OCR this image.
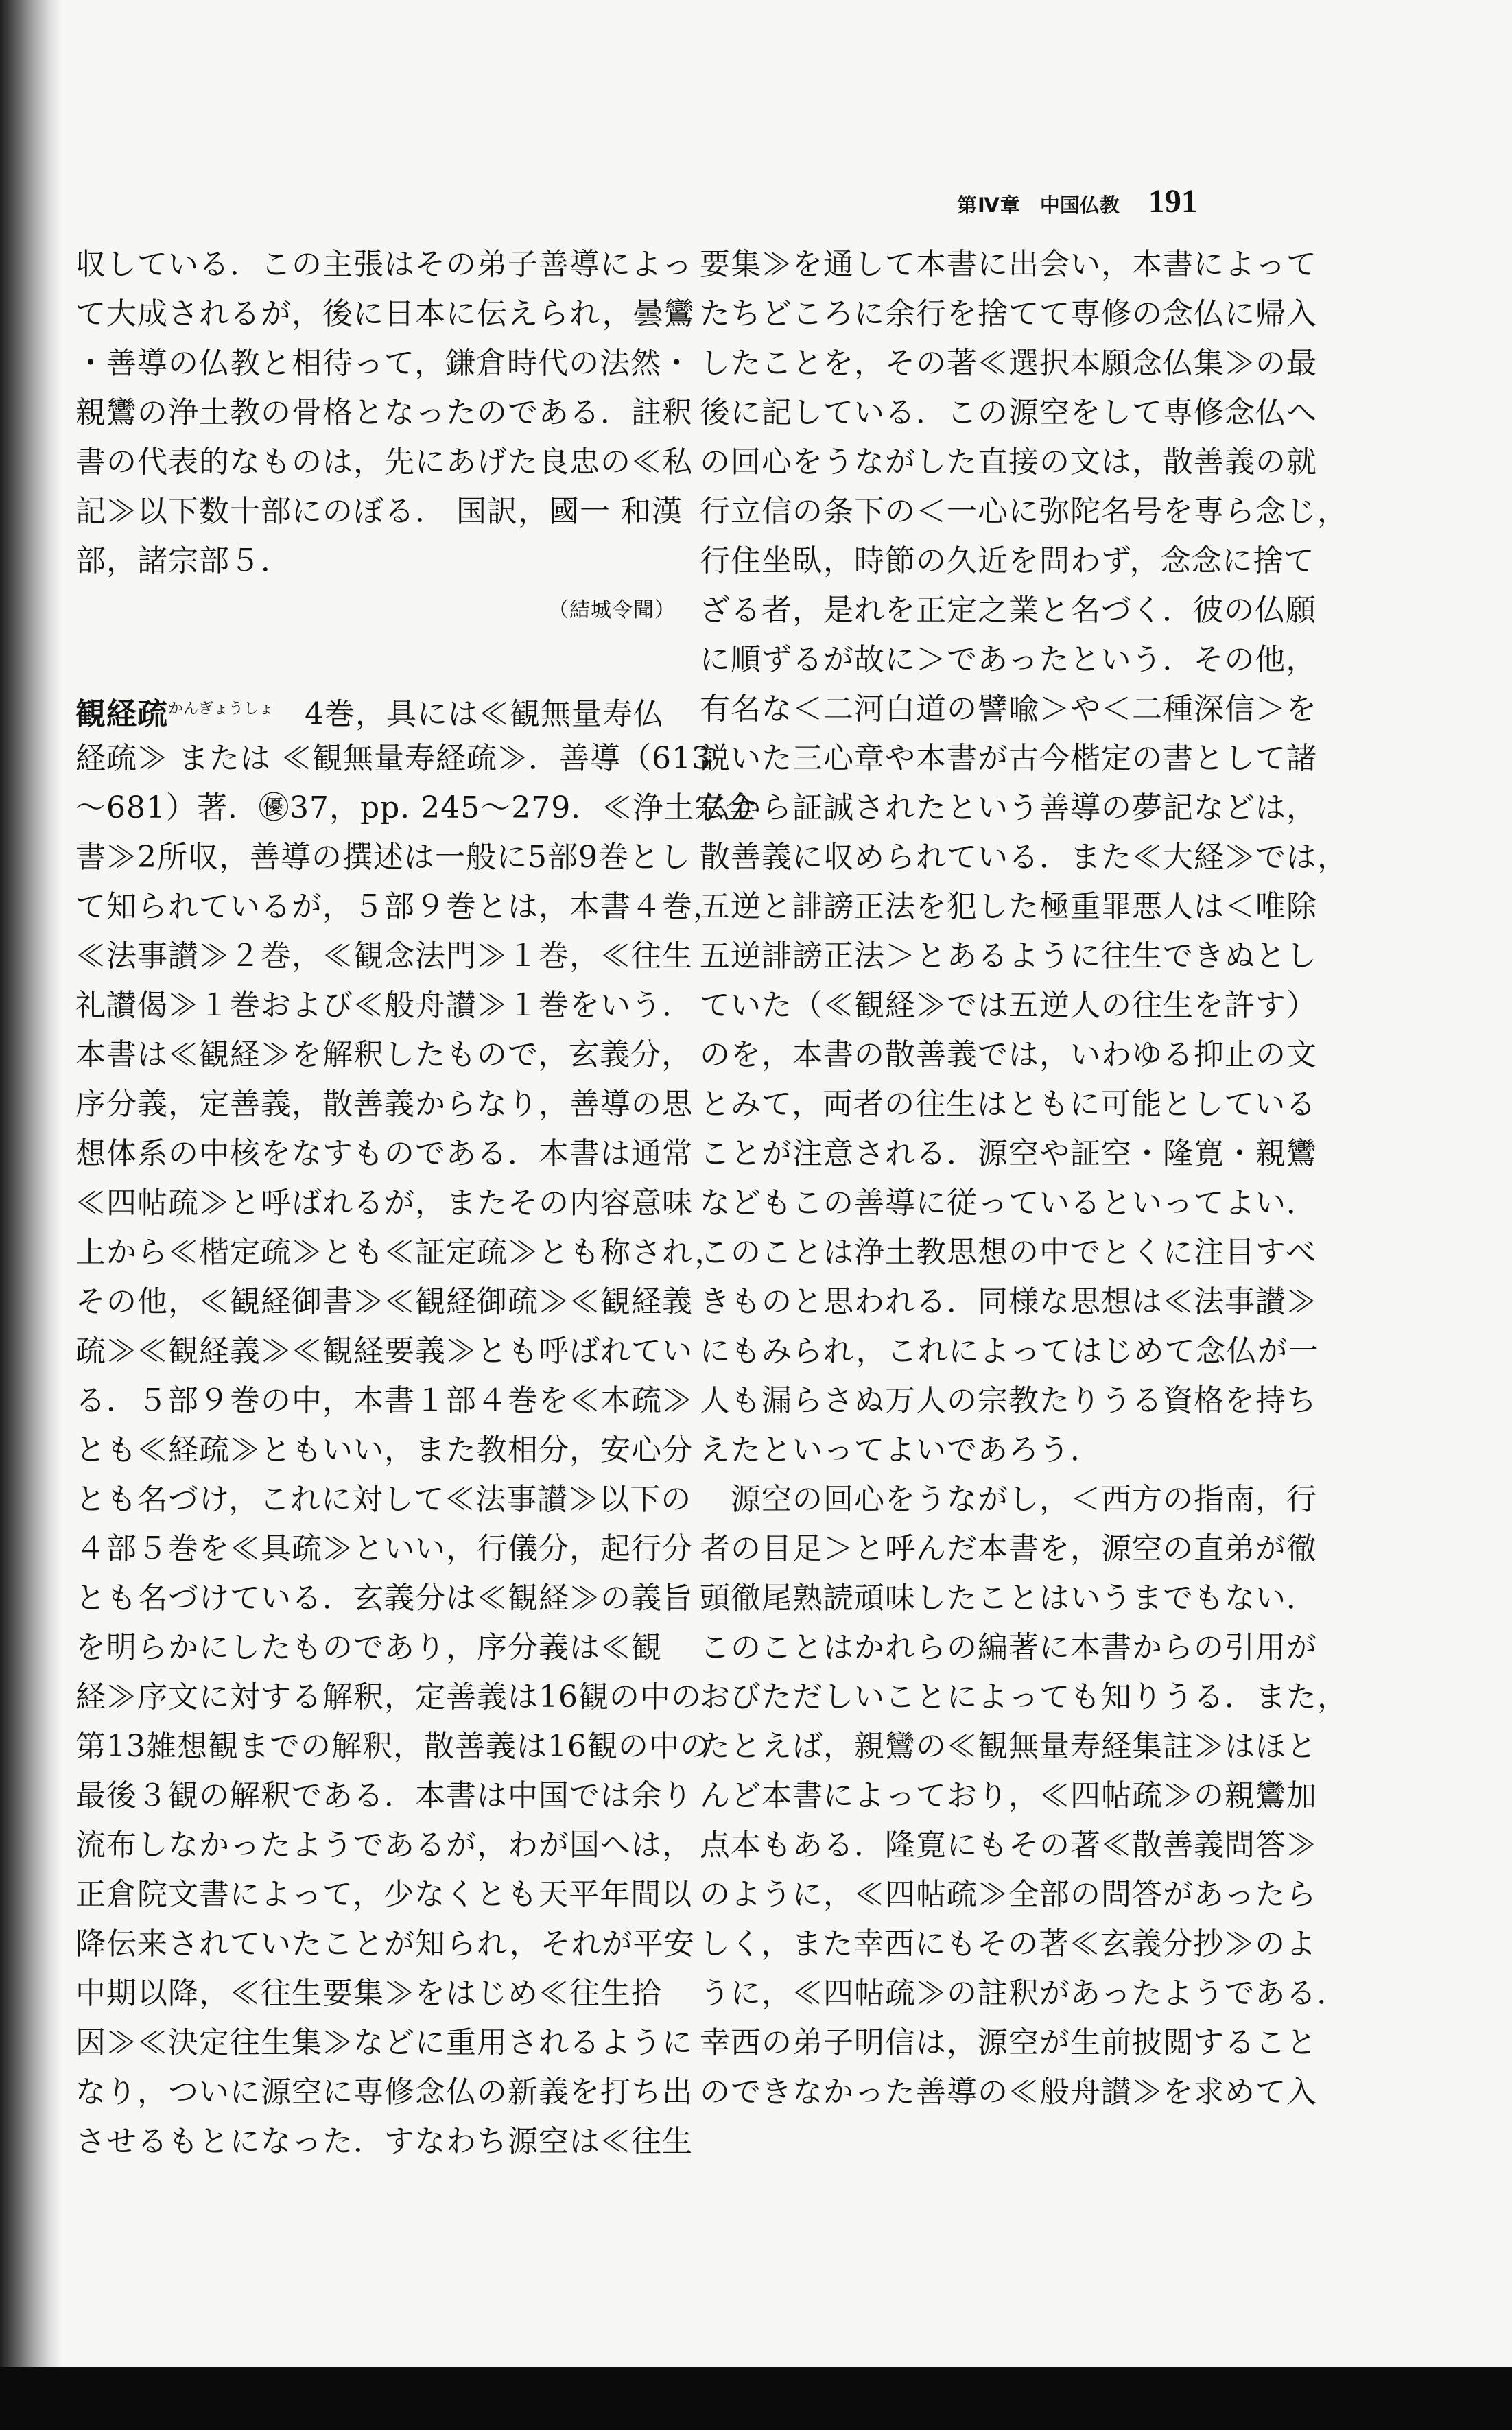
第Ⅳ章 中国仏教 191
収している．この主張はその弟子善導によっ
て大成されるが，後に日本に伝えられ，曇鸞
・善導の仏教と相待って，鎌倉時代の法然・
親鸞の浄土教の骨格となったのである．註釈
書の代表的なものは，先にあげた良忠の≪私
記≫以下数十部にのぼる． 国訳，國一 和漢
部，諸宗部５．
（結城令聞）
観経疏$^{かんぎょうしょ}$　4巻，具には≪観無量寿仏
経疏≫ または ≪観無量寿経疏≫．善導（613
～681）著．㊝37，pp. 245～279．≪浄土宗全
書≫2所収，善導の撰述は一般に5部9巻とし
て知られているが，５部９巻とは，本書４巻，
≪法事讃≫２巻，≪観念法門≫１巻，≪往生
礼讃偈≫１巻および≪般舟讃≫１巻をいう．
本書は≪観経≫を解釈したもので，玄義分，
序分義，定善義，散善義からなり，善導の思
想体系の中核をなすものである．本書は通常
≪四帖疏≫と呼ばれるが，またその内容意味
上から≪楷定疏≫とも≪証定疏≫とも称され，
その他，≪観経御書≫≪観経御疏≫≪観経義
疏≫≪観経義≫≪観経要義≫とも呼ばれてい
る．５部９巻の中，本書１部４巻を≪本疏≫
とも≪経疏≫ともいい，また教相分，安心分
とも名づけ，これに対して≪法事讃≫以下の
４部５巻を≪具疏≫といい，行儀分，起行分
とも名づけている．玄義分は≪観経≫の義旨
を明らかにしたものであり，序分義は≪観
経≫序文に対する解釈，定善義は16観の中の
第13雑想観までの解釈，散善義は16観の中の
最後３観の解釈である．本書は中国では余り
流布しなかったようであるが，わが国へは，
正倉院文書によって，少なくとも天平年間以
降伝来されていたことが知られ，それが平安
中期以降，≪往生要集≫をはじめ≪往生拾
因≫≪決定往生集≫などに重用されるように
なり，ついに源空に専修念仏の新義を打ち出
させるもとになった．すなわち源空は≪往生
要集≫を通して本書に出会い，本書によって
たちどころに余行を捨てて専修の念仏に帰入
したことを，その著≪選択本願念仏集≫の最
後に記している．この源空をして専修念仏へ
の回心をうながした直接の文は，散善義の就
行立信の条下の＜一心に弥陀名号を専ら念じ，
行住坐臥，時節の久近を問わず，念念に捨て
ざる者，是れを正定之業と名づく．彼の仏願
に順ずるが故に＞であったという．その他，
有名な＜二河白道の譬喩＞や＜二種深信＞を
説いた三心章や本書が古今楷定の書として諸
仏から証誠されたという善導の夢記などは，
散善義に収められている．また≪大経≫では，
五逆と誹謗正法を犯した極重罪悪人は＜唯除
五逆誹謗正法＞とあるように往生できぬとし
ていた（≪観経≫では五逆人の往生を許す）
のを，本書の散善義では，いわゆる抑止の文
とみて，両者の往生はともに可能としている
ことが注意される．源空や証空・隆寛・親鸞
などもこの善導に従っているといってよい．
このことは浄土教思想の中でとくに注目すべ
きものと思われる．同様な思想は≪法事讃≫
にもみられ，これによってはじめて念仏が一
人も漏らさぬ万人の宗教たりうる資格を持ち
えたといってよいであろう．
　源空の回心をうながし，＜西方の指南，行
者の目足＞と呼んだ本書を，源空の直弟が徹
頭徹尾熟読頑味したことはいうまでもない．
このことはかれらの編著に本書からの引用が
おびただしいことによっても知りうる．また，
たとえば，親鸞の≪観無量寿経集註≫はほと
んど本書によっており，≪四帖疏≫の親鸞加
点本もある．隆寛にもその著≪散善義問答≫
のように，≪四帖疏≫全部の問答があったら
しく，また幸西にもその著≪玄義分抄≫のよ
うに，≪四帖疏≫の註釈があったようである．
幸西の弟子明信は，源空が生前披閲すること
のできなかった善導の≪般舟讃≫を求めて入
